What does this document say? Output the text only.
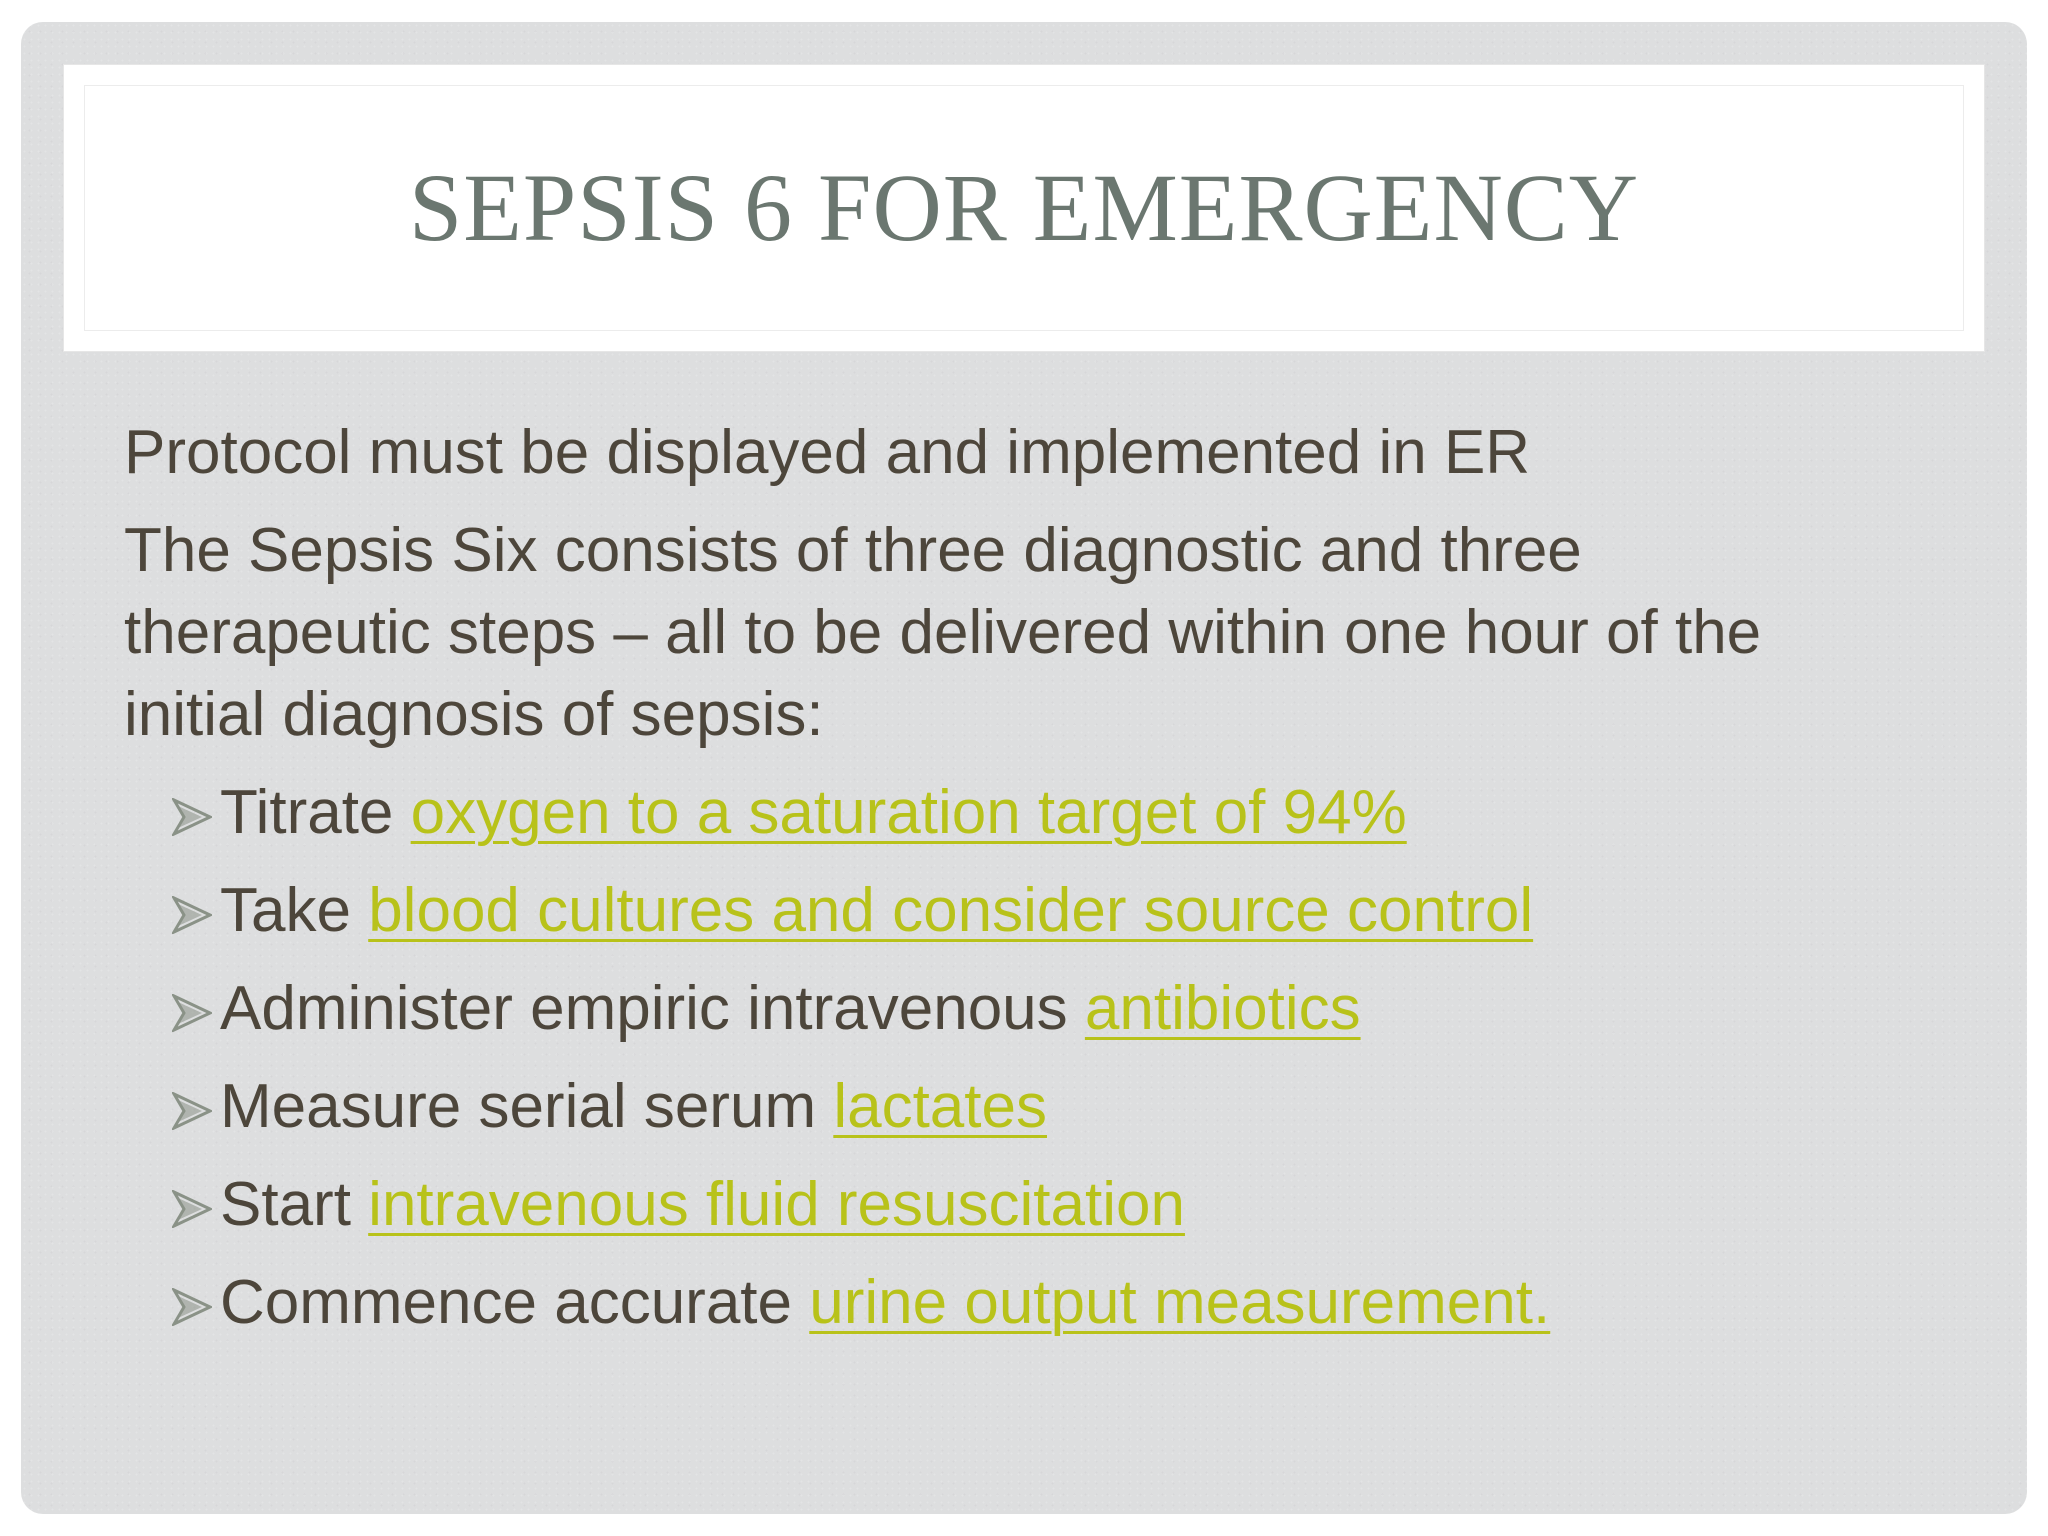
SEPSIS 6 FOR EMERGENCY

Protocol must be displayed and implemented in ER

The Sepsis Six consists of three diagnostic and three therapeutic steps – all to be delivered within one hour of the initial diagnosis of sepsis:

Titrate oxygen to a saturation target of 94%
Take blood cultures and consider source control
Administer empiric intravenous antibiotics
Measure serial serum lactates
Start intravenous fluid resuscitation
Commence accurate urine output measurement.
